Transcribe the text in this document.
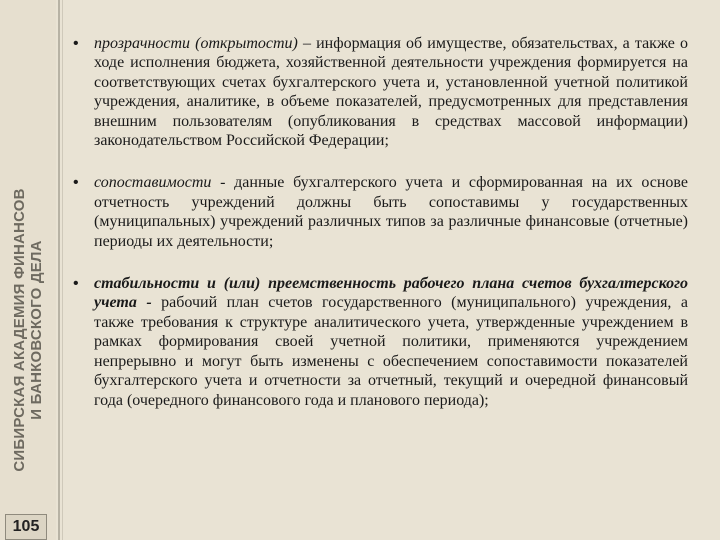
СИБИРСКАЯ АКАДЕМИЯ ФИНАНСОВ И БАНКОВСКОГО ДЕЛА
105
• прозрачности (открытости) – информация об имуществе, обязательствах, а также о ходе исполнения бюджета, хозяйственной деятельности учреждения формируется на соответствующих счетах бухгалтерского учета и, установленной учетной политикой учреждения, аналитике, в объеме показателей, предусмотренных для представления внешним пользователям (опубликования в средствах массовой информации) законодательством Российской Федерации;

• сопоставимости - данные бухгалтерского учета и сформированная на их основе отчетность учреждений должны быть сопоставимы у государственных (муниципальных) учреждений различных типов за различные финансовые (отчетные) периоды их деятельности;

• стабильности и (или) преемственность рабочего плана счетов бухгалтерского учета - рабочий план счетов государственного (муниципального) учреждения, а также требования к структуре аналитического учета, утвержденные учреждением в рамках формирования своей учетной политики, применяются учреждением непрерывно и могут быть изменены с обеспечением сопоставимости показателей бухгалтерского учета и отчетности за отчетный, текущий и очередной финансовый года (очередного финансового года и планового периода);
